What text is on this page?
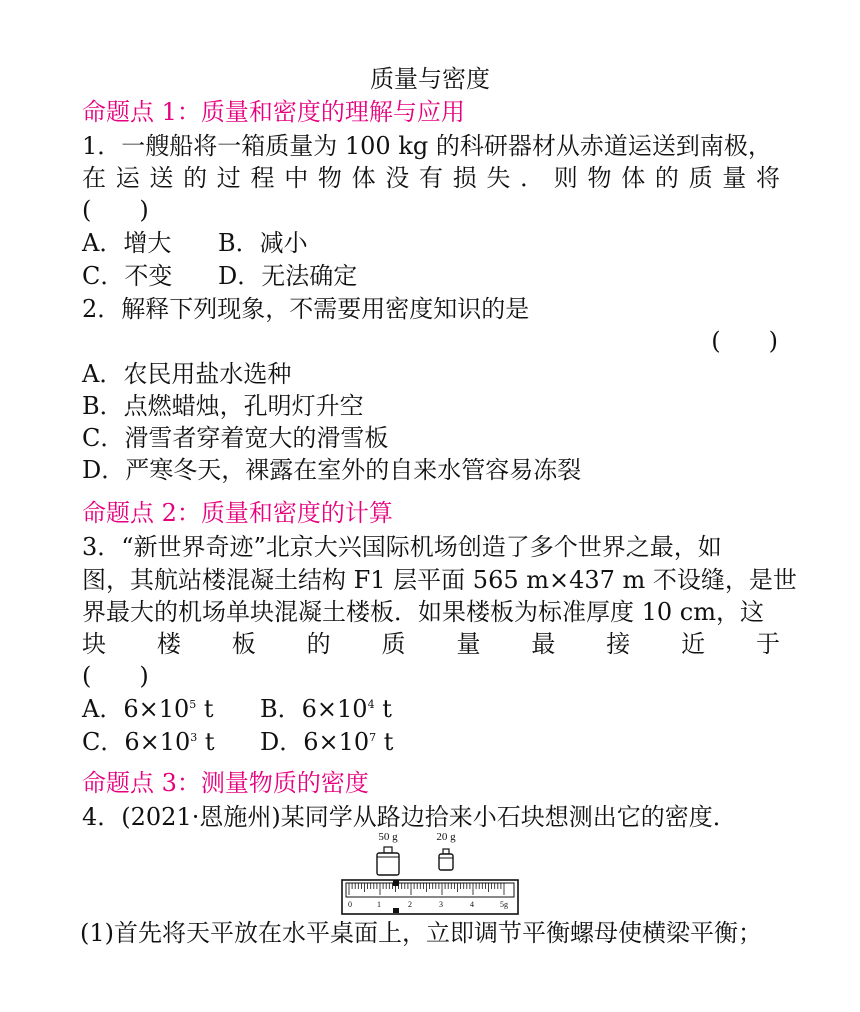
质量与密度
命题点 1：质量和密度的理解与应用
1．一艘船将一箱质量为 100 kg 的科研器材从赤道运送到南极，
在运送的过程中物体没有损失．则物体的质量将
(　　)
A．增大 B．减小
C．不变 D．无法确定
2．解释下列现象，不需要用密度知识的是
(　　)
A．农民用盐水选种
B．点燃蜡烛，孔明灯升空
C．滑雪者穿着宽大的滑雪板
D．严寒冬天，裸露在室外的自来水管容易冻裂
命题点 2：质量和密度的计算
3．“新世界奇迹”北京大兴国际机场创造了多个世界之最，如
图，其航站楼混凝土结构 F1 层平面 565 m×437 m 不设缝，是世
界最大的机场单块混凝土楼板．如果楼板为标准厚度 10 cm，这
块楼板的质量最接近于
(　　)
A．$6\times 10^5$ t B．$6\times 10^4$ t
C．$6\times 10^3$ t D．$6\times 10^7$ t
命题点 3：测量物质的密度
4．(2021·恩施州)某同学从路边拾来小石块想测出它的密度．
50 g	20 g
0	1	2	3	4	5g
(1)首先将天平放在水平桌面上，立即调节平衡螺母使横梁平衡；
